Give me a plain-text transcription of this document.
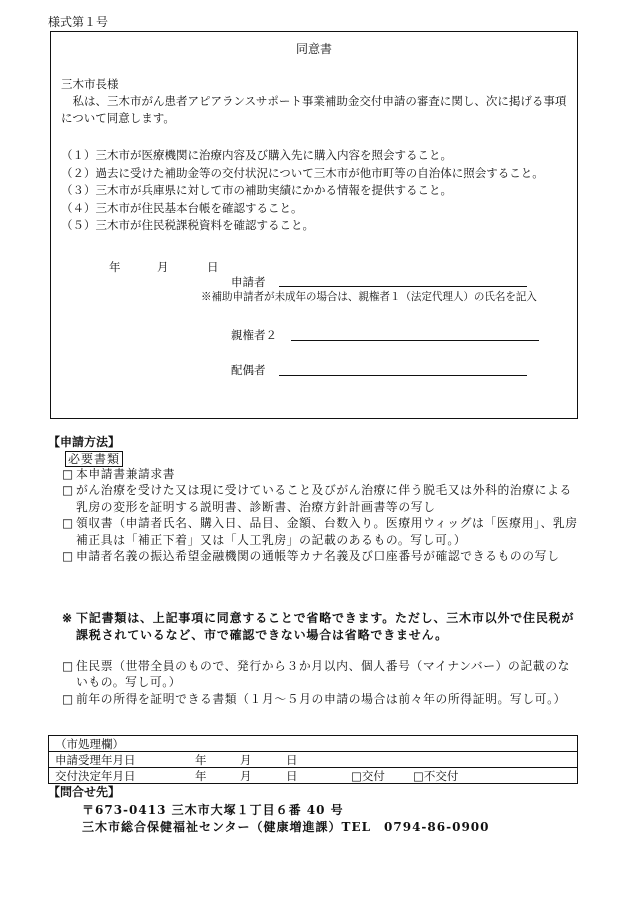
様式第１号
同意書
三木市長様
私は、三木市がん患者アピアランスサポート事業補助金交付申請の審査に関し、次に掲げる事項について同意します。
（１）三木市が医療機関に治療内容及び購入先に購入内容を照会すること。
（２）過去に受けた補助金等の交付状況について三木市が他市町等の自治体に照会すること。
（３）三木市が兵庫県に対して市の補助実績にかかる情報を提供すること。
（４）三木市が住民基本台帳を確認すること。
（５）三木市が住民税課税資料を確認すること。
年	月	日
申請者
※補助申請者が未成年の場合は、親権者１（法定代理人）の氏名を記入
親権者２
配偶者
【申請方法】
必要書類
□ 本申請書兼請求書
□ がん治療を受けた又は現に受けていること及びがん治療に伴う脱毛又は外科的治療による乳房の変形を証明する説明書、診断書、治療方針計画書等の写し
□ 領収書（申請者氏名、購入日、品目、金額、台数入り。医療用ウィッグは「医療用」、乳房補正具は「補正下着」又は「人工乳房」の記載のあるもの。写し可。）
□ 申請者名義の振込希望金融機関の通帳等カナ名義及び口座番号が確認できるものの写し
※ 下記書類は、上記事項に同意することで省略できます。ただし、三木市以外で住民税が課税されているなど、市で確認できない場合は省略できません。
□ 住民票（世帯全員のもので、発行から３か月以内、個人番号（マイナンバー）の記載のないもの。写し可。）
□ 前年の所得を証明できる書類（１月～５月の申請の場合は前々年の所得証明。写し可。）
（市処理欄）

申請受理年月日	年	月	日

交付決定年月日	年	月	日	□交付	□不交付
【問合せ先】
〒673-0413 三木市大塚１丁目６番 40 号
三木市総合保健福祉センター（健康増進課）TEL　0794-86-0900
